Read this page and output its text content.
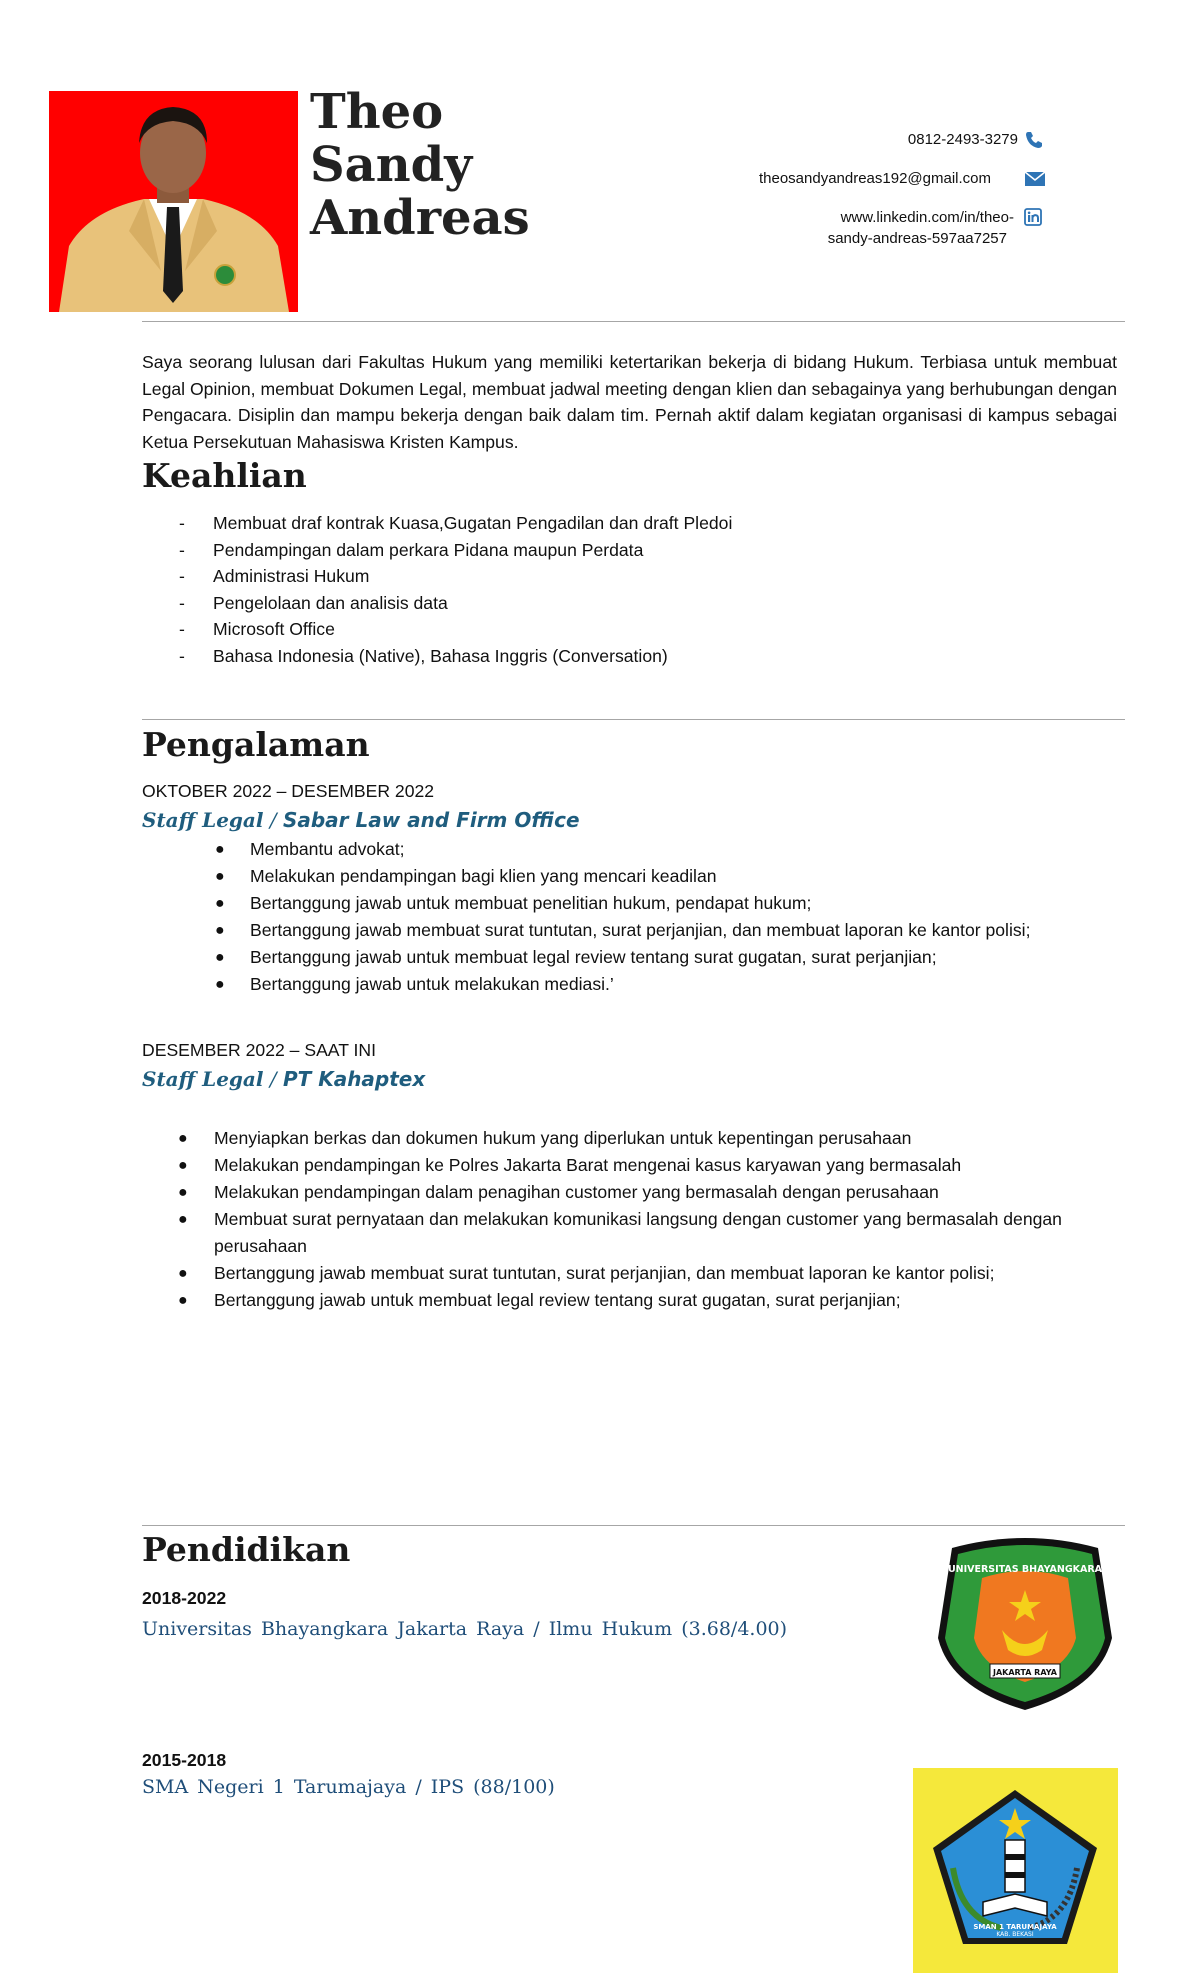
Theo
Sandy
Andreas
0812-2493-3279
theosandyandreas192@gmail.com
www.linkedin.com/in/theo-
sandy-andreas-597aa7257
Saya seorang lulusan dari Fakultas Hukum yang memiliki ketertarikan bekerja di bidang Hukum. Terbiasa untuk membuat Legal Opinion, membuat Dokumen Legal, membuat jadwal meeting dengan klien dan sebagainya yang berhubungan dengan Pengacara. Disiplin dan mampu bekerja dengan baik dalam tim. Pernah aktif dalam kegiatan organisasi di kampus sebagai Ketua Persekutuan Mahasiswa Kristen Kampus.
Keahlian
- Membuat draf kontrak Kuasa,Gugatan Pengadilan dan draft Pledoi
- Pendampingan dalam perkara Pidana maupun Perdata
- Administrasi Hukum
- Pengelolaan dan analisis data
- Microsoft Office
- Bahasa Indonesia (Native), Bahasa Inggris (Conversation)
Pengalaman
OKTOBER 2022 – DESEMBER 2022
Staff Legal / Sabar Law and Firm Office
● Membantu advokat;
● Melakukan pendampingan bagi klien yang mencari keadilan
● Bertanggung jawab untuk membuat penelitian hukum, pendapat hukum;
● Bertanggung jawab membuat surat tuntutan, surat perjanjian, dan membuat laporan ke kantor polisi;
● Bertanggung jawab untuk membuat legal review tentang surat gugatan, surat perjanjian;
● Bertanggung jawab untuk melakukan mediasi.’
DESEMBER 2022 – SAAT INI
Staff Legal / PT Kahaptex
● Menyiapkan berkas dan dokumen hukum yang diperlukan untuk kepentingan perusahaan
● Melakukan pendampingan ke Polres Jakarta Barat mengenai kasus karyawan yang bermasalah
● Melakukan pendampingan dalam penagihan customer yang bermasalah dengan perusahaan
● Membuat surat pernyataan dan melakukan komunikasi langsung dengan customer yang bermasalah dengan perusahaan
● Bertanggung jawab membuat surat tuntutan, surat perjanjian, dan membuat laporan ke kantor polisi;
● Bertanggung jawab untuk membuat legal review tentang surat gugatan, surat perjanjian;
Pendidikan
2018-2022
Universitas Bhayangkara Jakarta Raya / Ilmu Hukum (3.68/4.00)
2015-2018
SMA Negeri 1 Tarumajaya / IPS (88/100)
UNIVERSITAS BHAYANGKARA
JAKARTA RAYA
SMAN 1 TARUMAJAYA
KAB. BEKASI
